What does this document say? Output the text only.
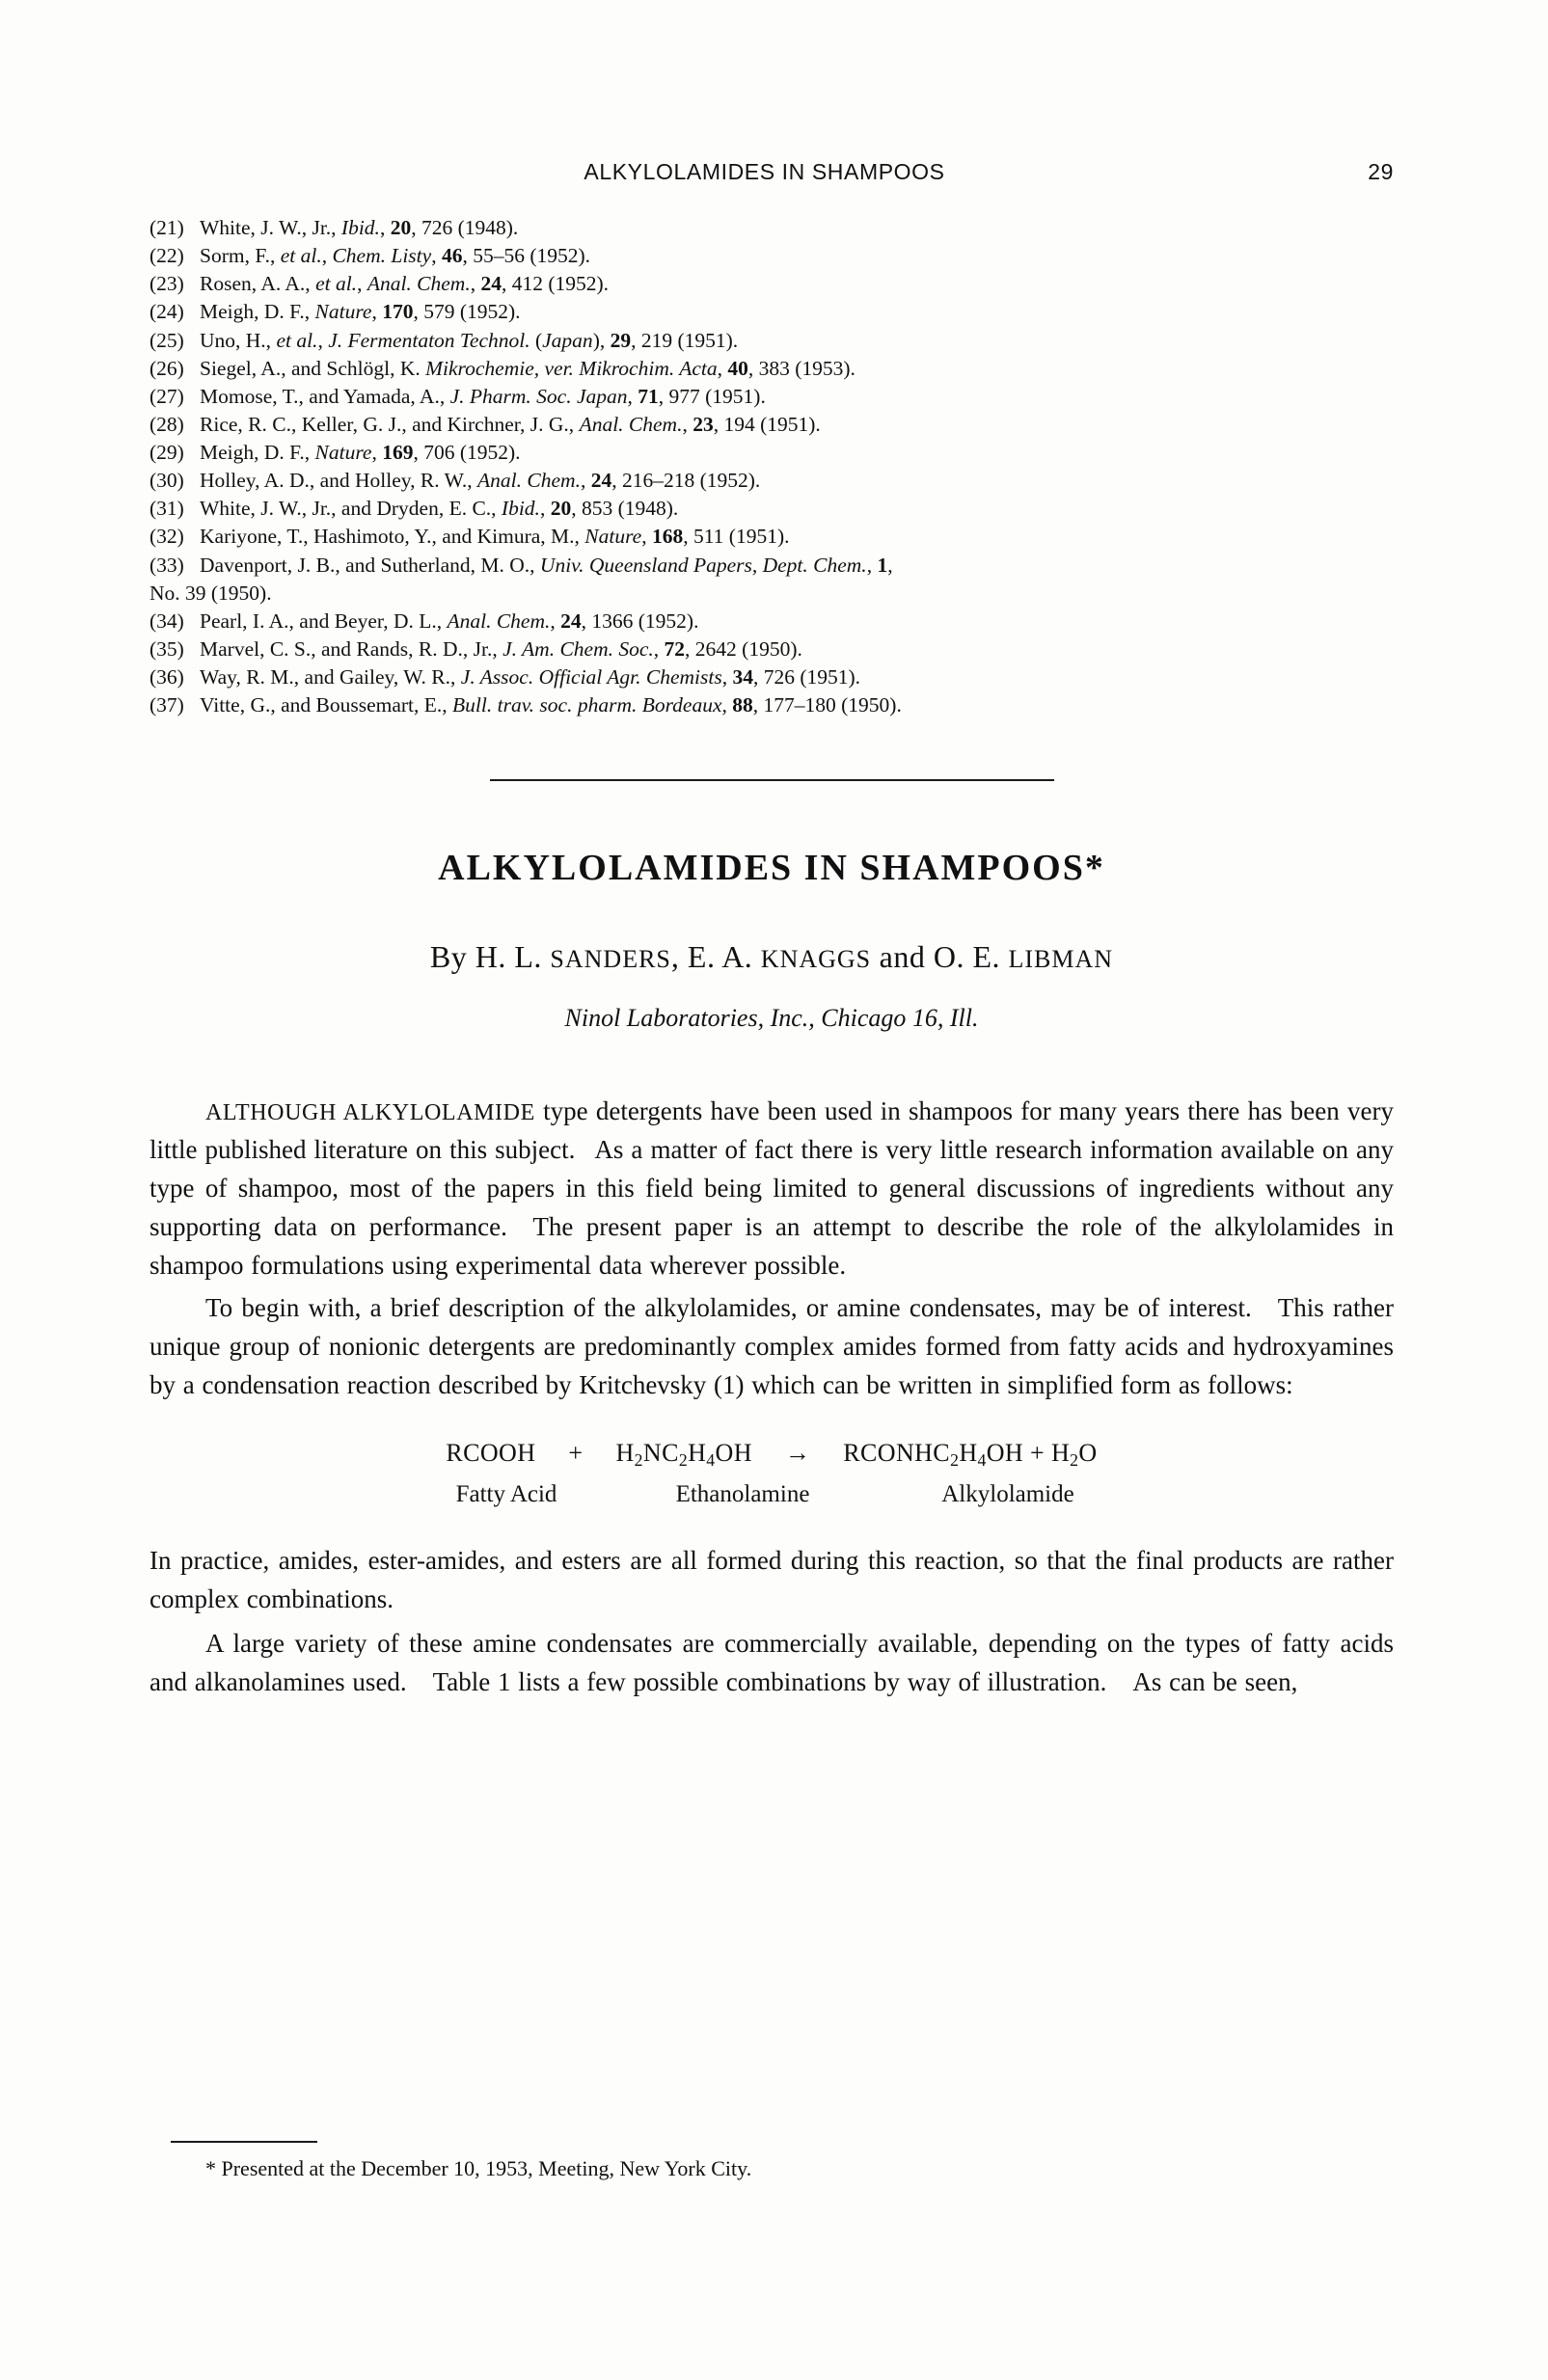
ALKYLOLAMIDES IN SHAMPOOS	29
(21) White, J. W., Jr., Ibid., 20, 726 (1948).
(22) Sorm, F., et al., Chem. Listy, 46, 55–56 (1952).
(23) Rosen, A. A., et al., Anal. Chem., 24, 412 (1952).
(24) Meigh, D. F., Nature, 170, 579 (1952).
(25) Uno, H., et al., J. Fermentaton Technol. (Japan), 29, 219 (1951).
(26) Siegel, A., and Schlögl, K. Mikrochemie, ver. Mikrochim. Acta, 40, 383 (1953).
(27) Momose, T., and Yamada, A., J. Pharm. Soc. Japan, 71, 977 (1951).
(28) Rice, R. C., Keller, G. J., and Kirchner, J. G., Anal. Chem., 23, 194 (1951).
(29) Meigh, D. F., Nature, 169, 706 (1952).
(30) Holley, A. D., and Holley, R. W., Anal. Chem., 24, 216–218 (1952).
(31) White, J. W., Jr., and Dryden, E. C., Ibid., 20, 853 (1948).
(32) Kariyone, T., Hashimoto, Y., and Kimura, M., Nature, 168, 511 (1951).
(33) Davenport, J. B., and Sutherland, M. O., Univ. Queensland Papers, Dept. Chem., 1,
No. 39 (1950).
(34) Pearl, I. A., and Beyer, D. L., Anal. Chem., 24, 1366 (1952).
(35) Marvel, C. S., and Rands, R. D., Jr., J. Am. Chem. Soc., 72, 2642 (1950).
(36) Way, R. M., and Gailey, W. R., J. Assoc. Official Agr. Chemists, 34, 726 (1951).
(37) Vitte, G., and Boussemart, E., Bull. trav. soc. pharm. Bordeaux, 88, 177–180 (1950).
ALKYLOLAMIDES IN SHAMPOOS*
By H. L. SANDERS, E. A. KNAGGS and O. E. LIBMAN
Ninol Laboratories, Inc., Chicago 16, Ill.
ALTHOUGH ALKYLOLAMIDE type detergents have been used in shampoos for many years there has been very little published literature on this subject.  As a matter of fact there is very little research information available on any type of shampoo, most of the papers in this field being limited to general discussions of ingredients without any supporting data on performance.  The present paper is an attempt to describe the role of the alkylolamides in shampoo formulations using experimental data wherever possible.
To begin with, a brief description of the alkylolamides, or amine condensates, may be of interest. This rather unique group of nonionic detergents are predominantly complex amides formed from fatty acids and hydroxyamines by a condensation reaction described by Kritchevsky (1) which can be written in simplified form as follows:
RCOOH + $H_2NC_2H_4OH$ → $RCONHC_2H_4OH + H_2O$
Fatty Acid	Ethanolamine	Alkylolamide
In practice, amides, ester-amides, and esters are all formed during this reaction, so that the final products are rather complex combinations.
A large variety of these amine condensates are commercially available, depending on the types of fatty acids and alkanolamines used. Table 1 lists a few possible combinations by way of illustration. As can be seen,
* Presented at the December 10, 1953, Meeting, New York City.
